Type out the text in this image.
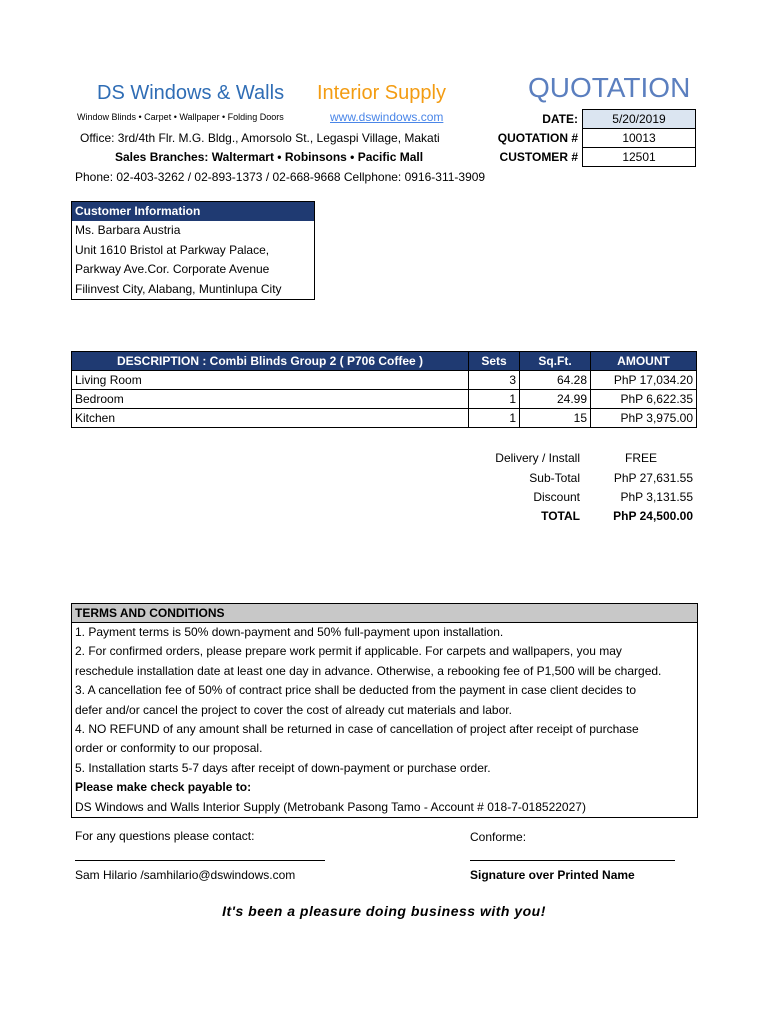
DS Windows & Walls Interior Supply
Window Blinds • Carpet • Wallpaper • Folding Doors	www.dswindows.com
Office: 3rd/4th Flr. M.G. Bldg., Amorsolo St., Legaspi Village, Makati
Sales Branches: Waltermart • Robinsons • Pacific Mall
Phone: 02-403-3262 / 02-893-1373 / 02-668-9668 Cellphone: 0916-311-3909
QUOTATION
DATE:	5/20/2019
QUOTATION #	10013
CUSTOMER #	12501
Customer Information
Ms. Barbara Austria
Unit 1610 Bristol at Parkway Palace,
Parkway Ave.Cor. Corporate Avenue
Filinvest City, Alabang, Muntinlupa City
DESCRIPTION : Combi Blinds Group 2 ( P706 Coffee )	Sets	Sq.Ft.	AMOUNT
Living Room	3	64.28	PhP 17,034.20
Bedroom	1	24.99	PhP 6,622.35
Kitchen	1	15	PhP 3,975.00
Delivery / Install	FREE
Sub-Total	PhP 27,631.55
Discount	PhP 3,131.55
TOTAL	PhP 24,500.00
TERMS AND CONDITIONS
1. Payment terms is 50% down-payment and 50% full-payment upon installation.
2. For confirmed orders, please prepare work permit if applicable. For carpets and wallpapers, you may
reschedule installation date at least one day in advance. Otherwise, a rebooking fee of P1,500 will be charged.
3. A cancellation fee of 50% of contract price shall be deducted from the payment in case client decides to
defer and/or cancel the project to cover the cost of already cut materials and labor.
4. NO REFUND of any amount shall be returned in case of cancellation of project after receipt of purchase
order or conformity to our proposal.
5. Installation starts 5-7 days after receipt of down-payment or purchase order.
Please make check payable to:
DS Windows and Walls Interior Supply (Metrobank Pasong Tamo - Account # 018-7-018522027)
For any questions please contact:	Conforme:
Sam Hilario /samhilario@dswindows.com	Signature over Printed Name
It's been a pleasure doing business with you!
